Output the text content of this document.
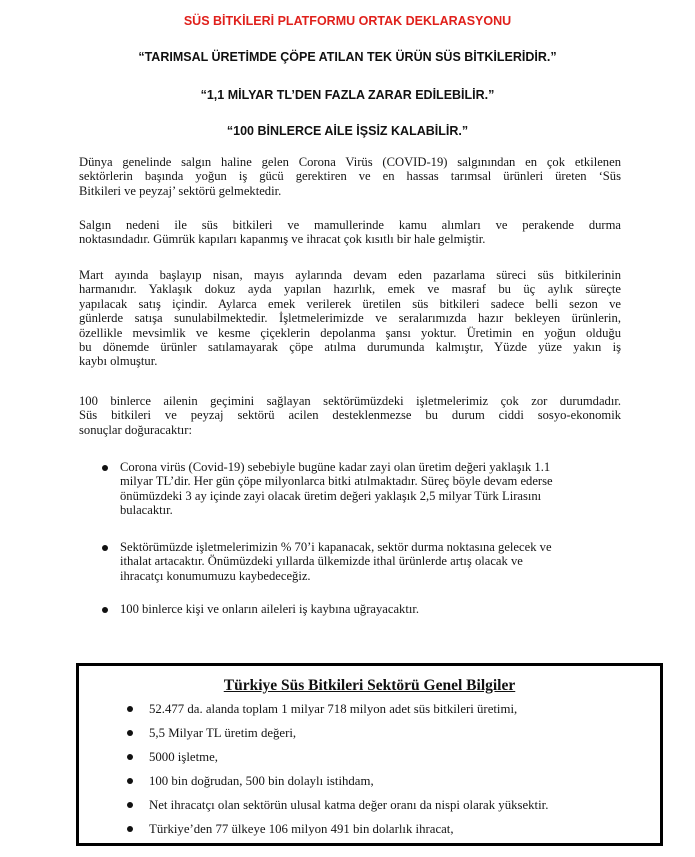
SÜS BİTKİLERİ PLATFORMU ORTAK DEKLARASYONU
“TARIMSAL ÜRETİMDE ÇÖPE ATILAN TEK ÜRÜN SÜS BİTKİLERİDİR.”
“1,1 MİLYAR TL’DEN FAZLA ZARAR EDİLEBİLİR.”
“100 BİNLERCE AİLE İŞSİZ KALABİLİR.”

Dünya genelinde salgın haline gelen Corona Virüs (COVID-19) salgınından en çok etkilenen
sektörlerin başında yoğun iş gücü gerektiren ve en hassas tarımsal ürünleri üreten ‘Süs
Bitkileri ve peyzaj’ sektörü gelmektedir.

Salgın nedeni ile süs bitkileri ve mamullerinde kamu alımları ve perakende durma
noktasındadır. Gümrük kapıları kapanmış ve ihracat çok kısıtlı bir hale gelmiştir.

Mart ayında başlayıp nisan, mayıs aylarında devam eden pazarlama süreci süs bitkilerinin
harmanıdır. Yaklaşık dokuz ayda yapılan hazırlık, emek ve masraf bu üç aylık süreçte
yapılacak satış içindir. Aylarca emek verilerek üretilen süs bitkileri sadece belli sezon ve
günlerde satışa sunulabilmektedir. İşletmelerimizde ve seralarımızda hazır bekleyen ürünlerin,
özellikle mevsimlik ve kesme çiçeklerin depolanma şansı yoktur. Üretimin en yoğun olduğu
bu dönemde ürünler satılamayarak çöpe atılma durumunda kalmıştır, Yüzde yüze yakın iş
kaybı olmuştur.

100 binlerce ailenin geçimini sağlayan sektörümüzdeki işletmelerimiz çok zor durumdadır.
Süs bitkileri ve peyzaj sektörü acilen desteklenmezse bu durum ciddi sosyo-ekonomik
sonuçlar doğuracaktır:

Corona virüs (Covid-19) sebebiyle bugüne kadar zayi olan üretim değeri yaklaşık 1.1
milyar TL’dir. Her gün çöpe milyonlarca bitki atılmaktadır. Süreç böyle devam ederse
önümüzdeki 3 ay içinde zayi olacak üretim değeri yaklaşık 2,5 milyar Türk Lirasını
bulacaktır.
Sektörümüzde işletmelerimizin % 70’i kapanacak, sektör durma noktasına gelecek ve
ithalat artacaktır. Önümüzdeki yıllarda ülkemizde ithal ürünlerde artış olacak ve
ihracatçı konumumuzu kaybedeceğiz.
100 binlerce kişi ve onların aileleri iş kaybına uğrayacaktır.
Türkiye Süs Bitkileri Sektörü Genel Bilgiler
52.477 da. alanda toplam 1 milyar 718 milyon adet süs bitkileri üretimi,
5,5 Milyar TL üretim değeri,
5000 işletme,
100 bin doğrudan, 500 bin dolaylı istihdam,
Net ihracatçı olan sektörün ulusal katma değer oranı da nispi olarak yüksektir.
Türkiye’den 77 ülkeye 106 milyon 491 bin dolarlık ihracat,
